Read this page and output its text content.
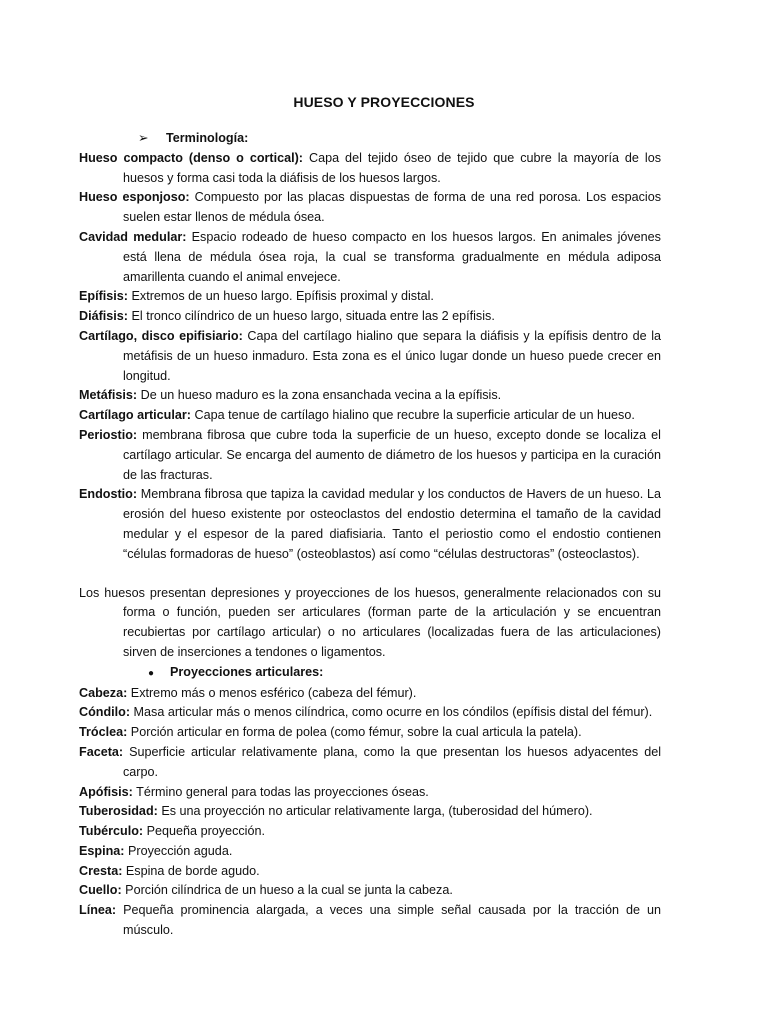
HUESO Y PROYECCIONES

➢ Terminología:

Hueso compacto (denso o cortical): Capa del tejido óseo de tejido que cubre la mayoría de los huesos y forma casi toda la diáfisis de los huesos largos.

Hueso esponjoso: Compuesto por las placas dispuestas de forma de una red porosa. Los espacios suelen estar llenos de médula ósea.

Cavidad medular: Espacio rodeado de hueso compacto en los huesos largos. En animales jóvenes está llena de médula ósea roja, la cual se transforma gradualmente en médula adiposa amarillenta cuando el animal envejece.

Epífisis: Extremos de un hueso largo. Epífisis proximal y distal.

Diáfisis: El tronco cilíndrico de un hueso largo, situada entre las 2 epífisis.

Cartílago, disco epifisiario: Capa del cartílago hialino que separa la diáfisis y la epífisis dentro de la metáfisis de un hueso inmaduro. Esta zona es el único lugar donde un hueso puede crecer en longitud.

Metáfisis: De un hueso maduro es la zona ensanchada vecina a la epífisis.

Cartílago articular: Capa tenue de cartílago hialino que recubre la superficie articular de un hueso.

Periostio: membrana fibrosa que cubre toda la superficie de un hueso, excepto donde se localiza el cartílago articular. Se encarga del aumento de diámetro de los huesos y participa en la curación de las fracturas.

Endostio: Membrana fibrosa que tapiza la cavidad medular y los conductos de Havers de un hueso. La erosión del hueso existente por osteoclastos del endostio determina el tamaño de la cavidad medular y el espesor de la pared diafisiaria. Tanto el periostio como el endostio contienen “células formadoras de hueso” (osteoblastos) así como “células destructoras” (osteoclastos).

Los huesos presentan depresiones y proyecciones de los huesos, generalmente relacionados con su forma o función, pueden ser articulares (forman parte de la articulación y se encuentran recubiertas por cartílago articular) o no articulares (localizadas fuera de las articulaciones) sirven de inserciones a tendones o ligamentos.

● Proyecciones articulares:

Cabeza: Extremo más o menos esférico (cabeza del fémur).

Cóndilo: Masa articular más o menos cilíndrica, como ocurre en los cóndilos (epífisis distal del fémur).

Tróclea: Porción articular en forma de polea (como fémur, sobre la cual articula la patela).

Faceta: Superficie articular relativamente plana, como la que presentan los huesos adyacentes del carpo.

Apófisis: Término general para todas las proyecciones óseas.

Tuberosidad: Es una proyección no articular relativamente larga, (tuberosidad del húmero).

Tubérculo: Pequeña proyección.

Espina: Proyección aguda.

Cresta: Espina de borde agudo.

Cuello: Porción cilíndrica de un hueso a la cual se junta la cabeza.

Línea: Pequeña prominencia alargada, a veces una simple señal causada por la tracción de un músculo.
